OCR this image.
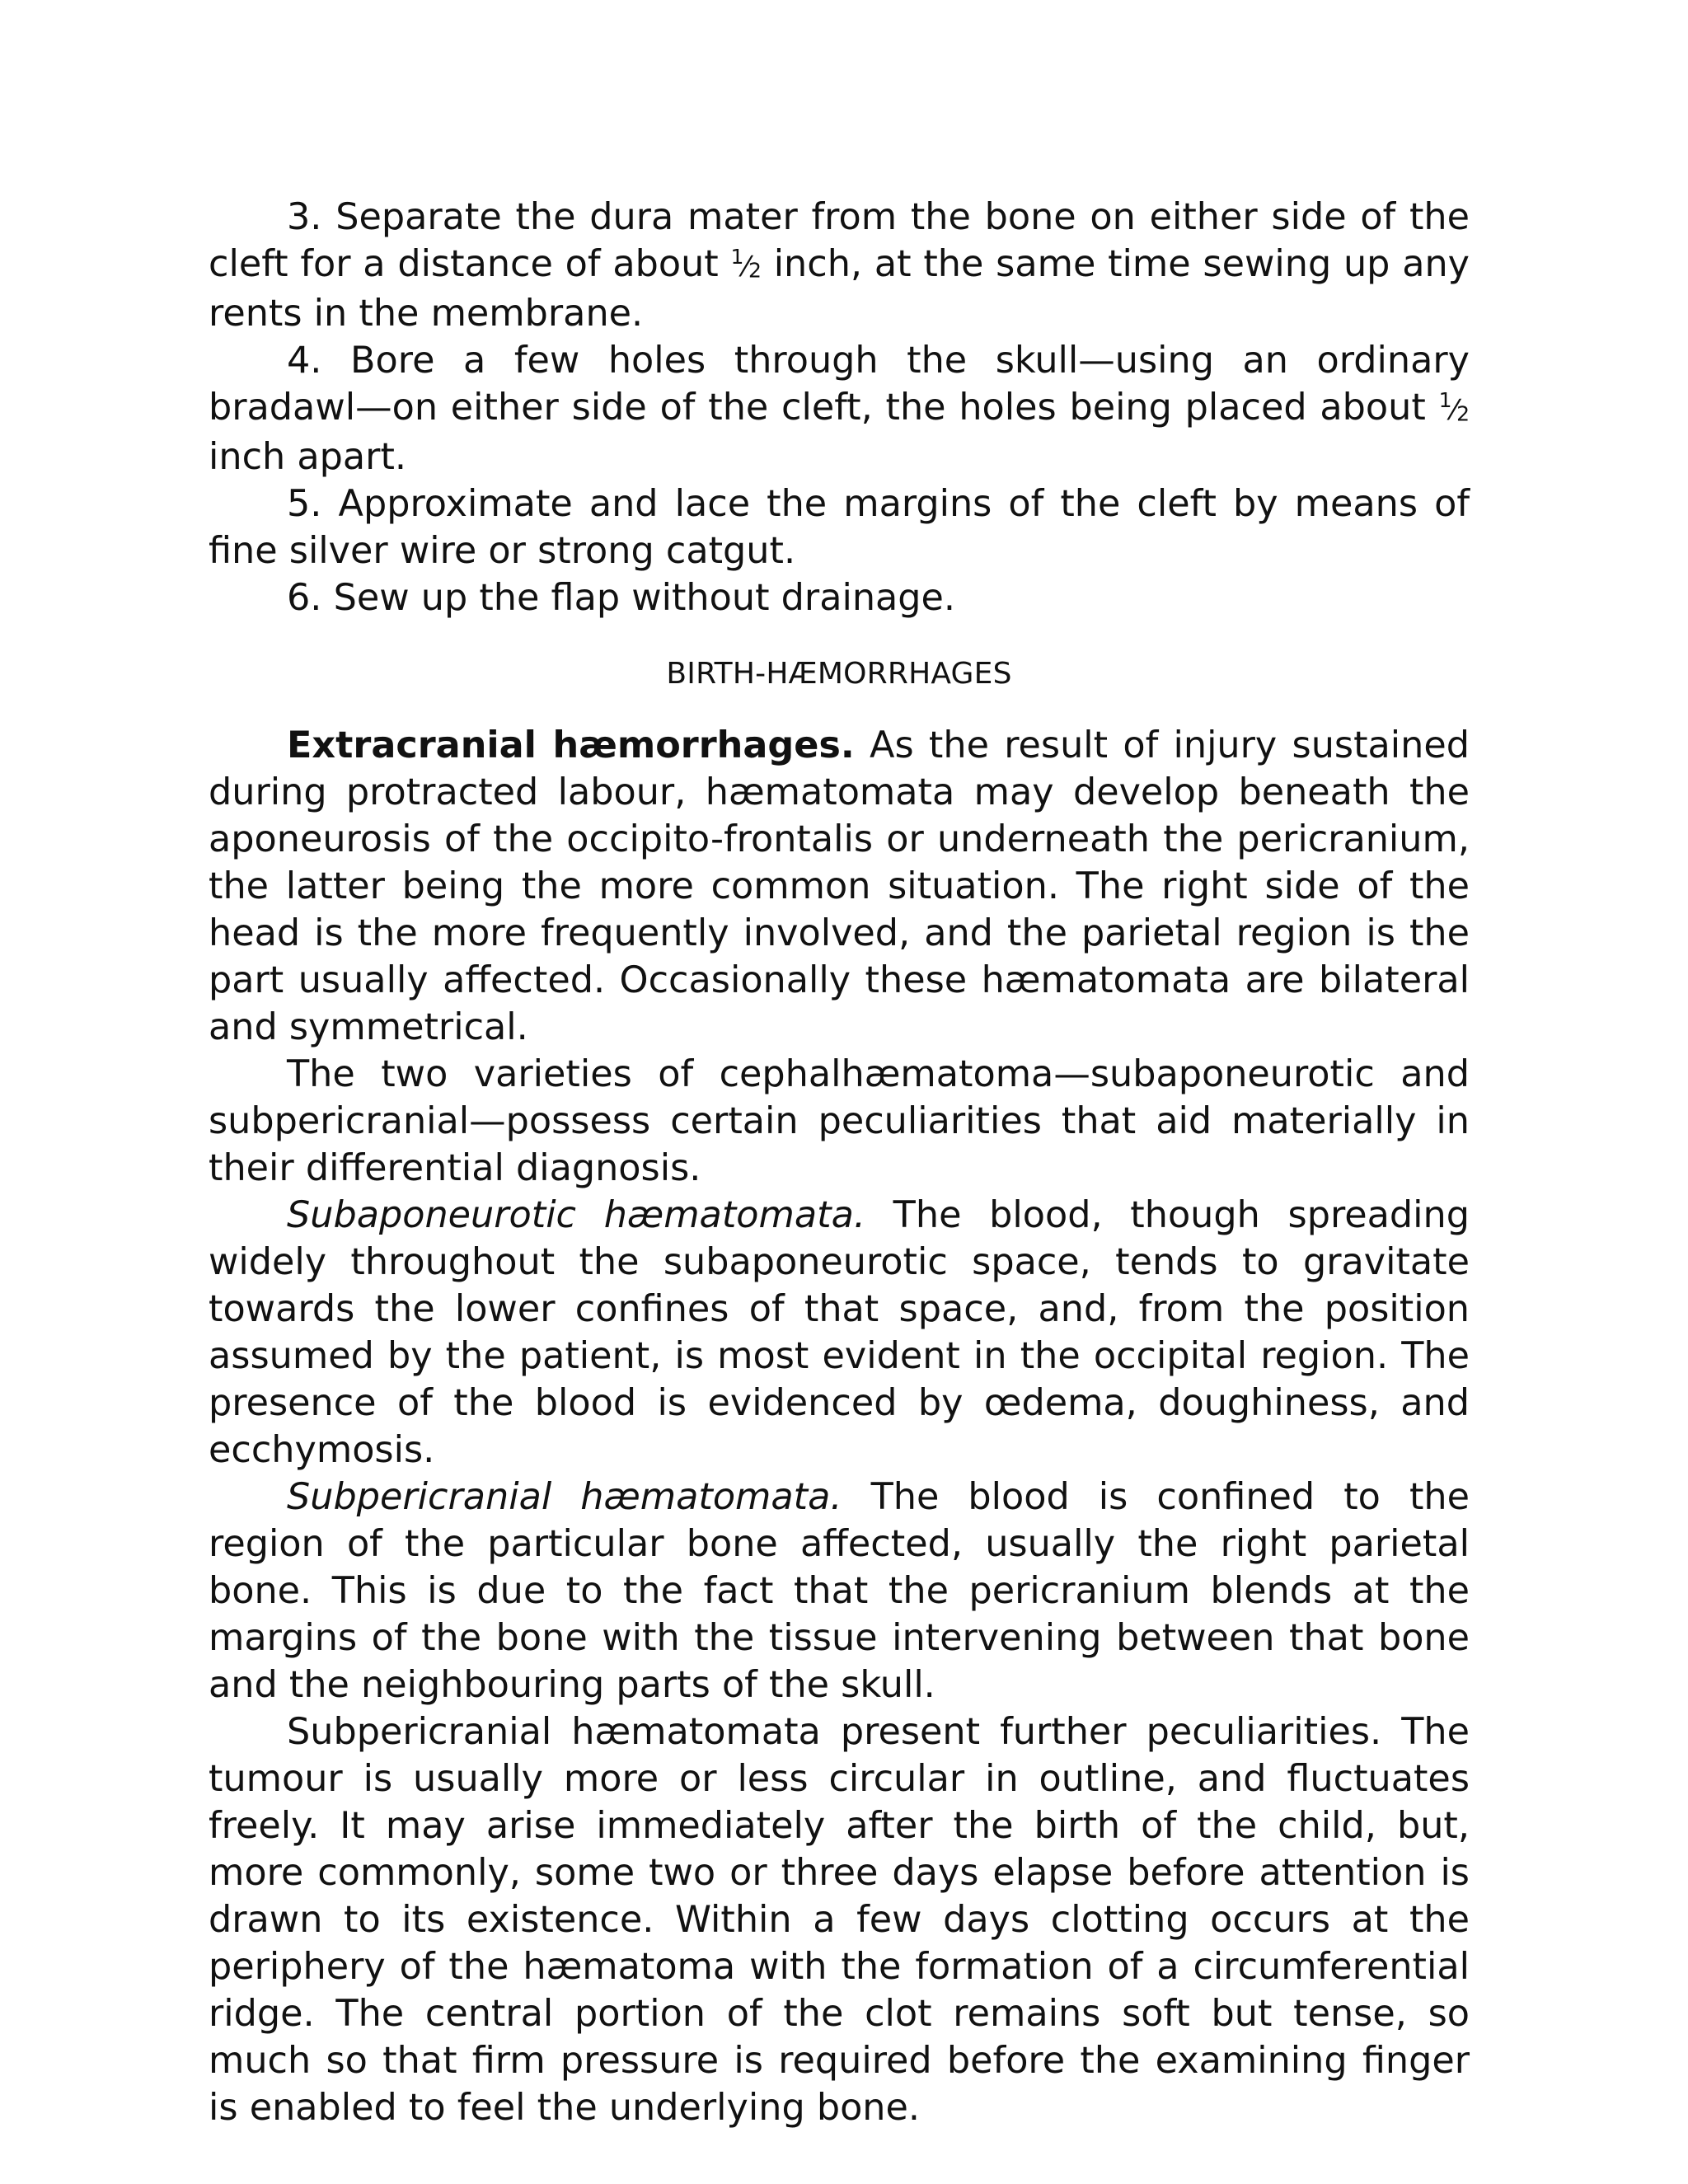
3. Separate the dura mater from the bone on either side of the cleft for a distance of about $^1⁄_2$ inch, at the same time sewing up any rents in the membrane.

4. Bore a few holes through the skull—using an ordinary bradawl—on either side of the cleft, the holes being placed about $^1⁄_2$ inch apart.

5. Approximate and lace the margins of the cleft by means of fine silver wire or strong catgut.

6. Sew up the flap without drainage.

BIRTH-HÆMORRHAGES

Extracranial hæmorrhages. As the result of injury sustained during protracted labour, hæmatomata may develop beneath the aponeurosis of the occipito-frontalis or underneath the pericranium, the latter being the more common situation. The right side of the head is the more frequently involved, and the parietal region is the part usually affected. Occasionally these hæmatomata are bilateral and symmetrical.

The two varieties of cephalhæmatoma—subaponeurotic and subpericranial—possess certain peculiarities that aid materially in their differential diagnosis.

Subaponeurotic hæmatomata. The blood, though spreading widely throughout the subaponeurotic space, tends to gravitate towards the lower confines of that space, and, from the position assumed by the patient, is most evident in the occipital region. The presence of the blood is evidenced by œdema, doughiness, and ecchymosis.

Subpericranial hæmatomata. The blood is confined to the region of the particular bone affected, usually the right parietal bone. This is due to the fact that the pericranium blends at the margins of the bone with the tissue intervening between that bone and the neighbouring parts of the skull.

Subpericranial hæmatomata present further peculiarities. The tumour is usually more or less circular in outline, and fluctuates freely. It may arise immediately after the birth of the child, but, more commonly, some two or three days elapse before attention is drawn to its existence. Within a few days clotting occurs at the periphery of the hæmatoma with the formation of a circumferential ridge. The central portion of the clot remains soft but tense, so much so that firm pressure is required before the examining finger is enabled to feel the underlying bone.
